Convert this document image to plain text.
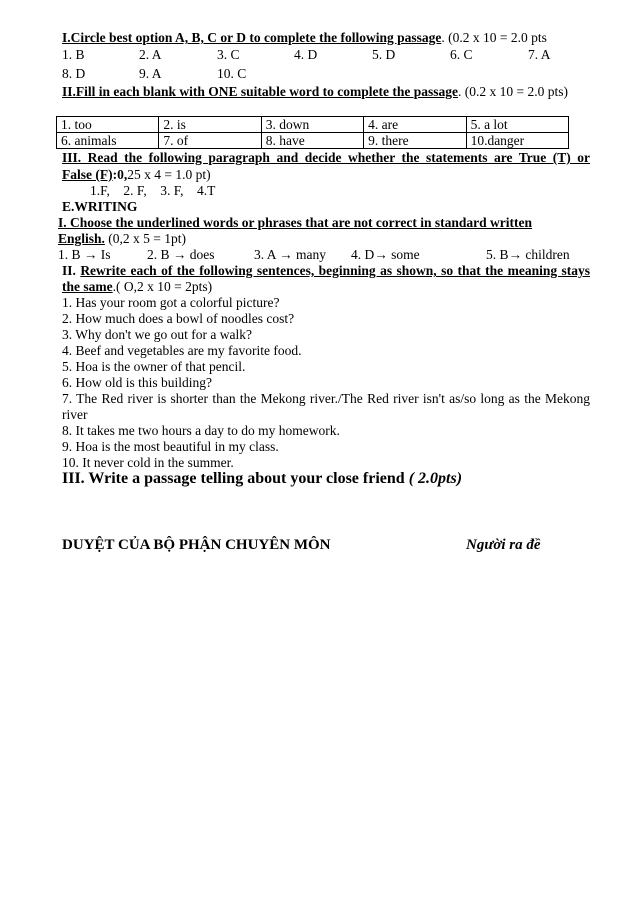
I.Circle best option A, B, C or D to complete the following passage. (0.2 x 10 = 2.0 pts
1. B	2. A	3. C	4. D	5. D	6. C	7. A
8. D	9. A	10. C
II.Fill in each blank with ONE suitable word to complete the passage. (0.2 x 10 = 2.0 pts)
1. too	2. is	3. down	4. are	5. a lot
6. animals	7. of	8. have	9. there	10.danger
III. Read the following paragraph and decide whether the statements are True (T) or
False (F):0,25 x 4 = 1.0 pt)
1.F,    2. F,    3. F,    4.T
E.WRITING
I. Choose the underlined words or phrases that are not correct in standard written
English. (0,2 x 5 = 1pt)
1. B → Is	2. B → does	3. A → many 4. D→ some	5. B→ children
II. Rewrite each of the following sentences, beginning as shown, so that the meaning stays
the same.( O,2 x 10 = 2pts)
1. Has your room got a colorful picture?
2. How much does a bowl of noodles cost?
3. Why don't we go out for a walk?
4. Beef and vegetables are my favorite food.
5. Hoa is the owner of that pencil.
6. How old is this building?
7. The Red river is shorter than the Mekong river./The Red river isn't as/so long as the Mekong
river
8. It takes me two hours a day to do my homework.
9. Hoa is the most beautiful in my class.
10. It never cold in the summer.
III. Write a passage telling about your close friend ( 2.0pts)
DUYỆT CỦA BỘ PHẬN CHUYÊN MÔN	Người ra đề
